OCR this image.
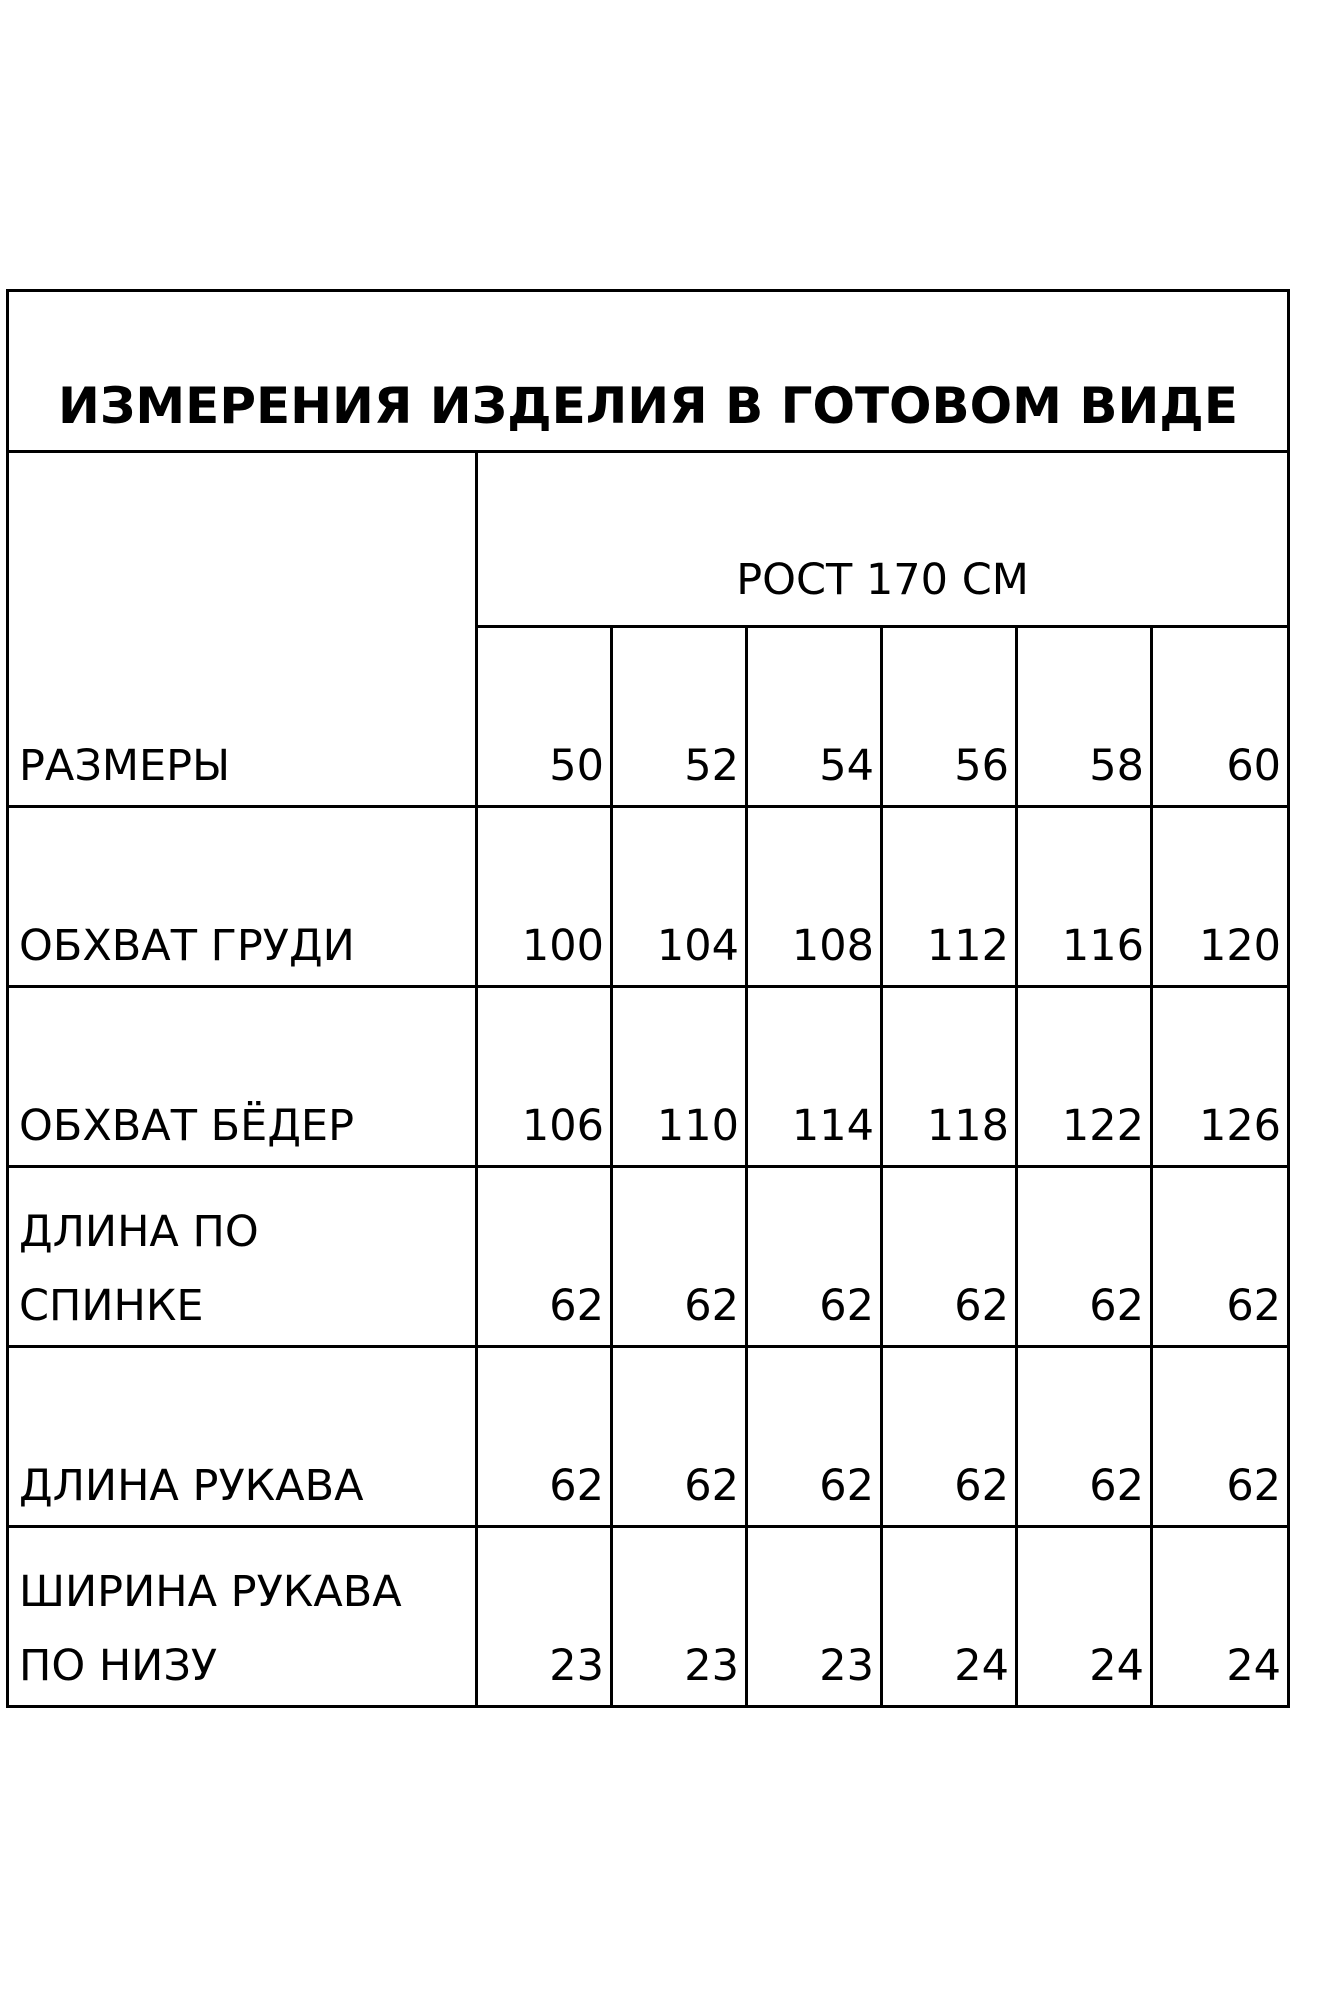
ИЗМЕРЕНИЯ ИЗДЕЛИЯ В ГОТОВОМ ВИДЕ						
РАЗМЕРЫ	РОСТ 170 СМ					
	50	52	54	56	58	60
ОБХВАТ ГРУДИ	100	104	108	112	116	120
ОБХВАТ БЁДЕР	106	110	114	118	122	126
ДЛИНА ПО
СПИНКЕ	62	62	62	62	62	62
ДЛИНА РУКАВА	62	62	62	62	62	62
ШИРИНА РУКАВА
ПО НИЗУ	23	23	23	24	24	24
